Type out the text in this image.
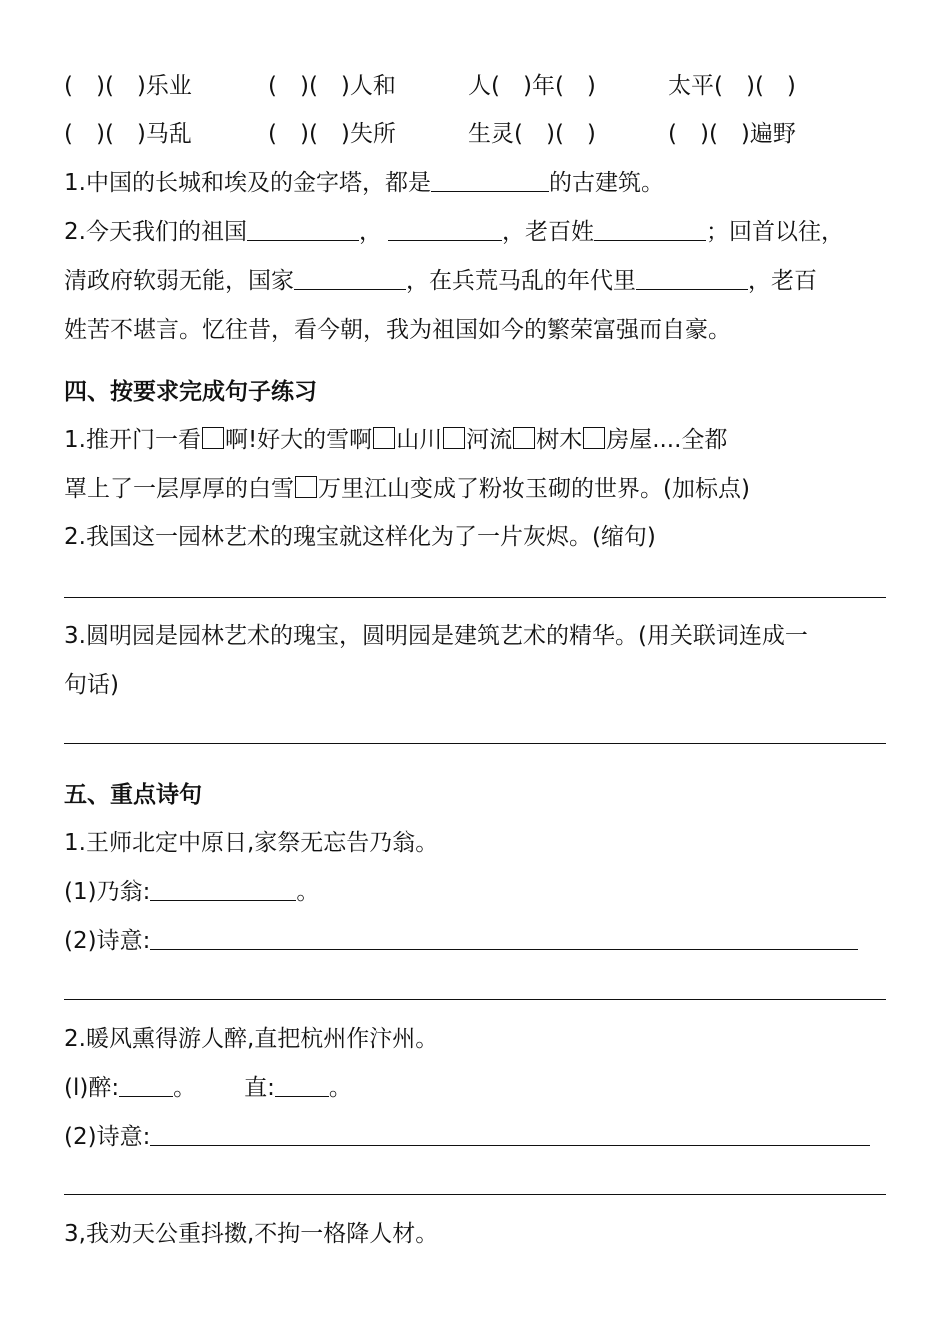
(　)(　)乐业	(　)(　)人和	人(　)年(　)	太平(　)(　)
(　)(　)马乱	(　)(　)失所	生灵(　)(　)	(　)(　)遍野
1.中国的长城和埃及的金字塔，都是	的古建筑。
2.今天我们的祖国	，	，老百姓	；回首以往，
清政府软弱无能，国家	，在兵荒马乱的年代里	，老百
姓苦不堪言。忆往昔，看今朝，我为祖国如今的繁荣富强而自豪。
四、按要求完成句子练习
1.推开门一看 啊!好大的雪啊 山川 河流 树木 房屋....全都
罩上了一层厚厚的白雪 万里江山变成了粉妆玉砌的世界。(加标点)
2.我国这一园林艺术的瑰宝就这样化为了一片灰烬。(缩句)
3.圆明园是园林艺术的瑰宝，圆明园是建筑艺术的精华。(用关联词连成一
句话)
五、重点诗句
1.王师北定中原日,家祭无忘告乃翁。
(1)乃翁:	。
(2)诗意:
2.暖风熏得游人醉,直把杭州作汴州。
(l)醉: 。 直: 。
(2)诗意:
3,我劝天公重抖擞,不拘一格降人材。
